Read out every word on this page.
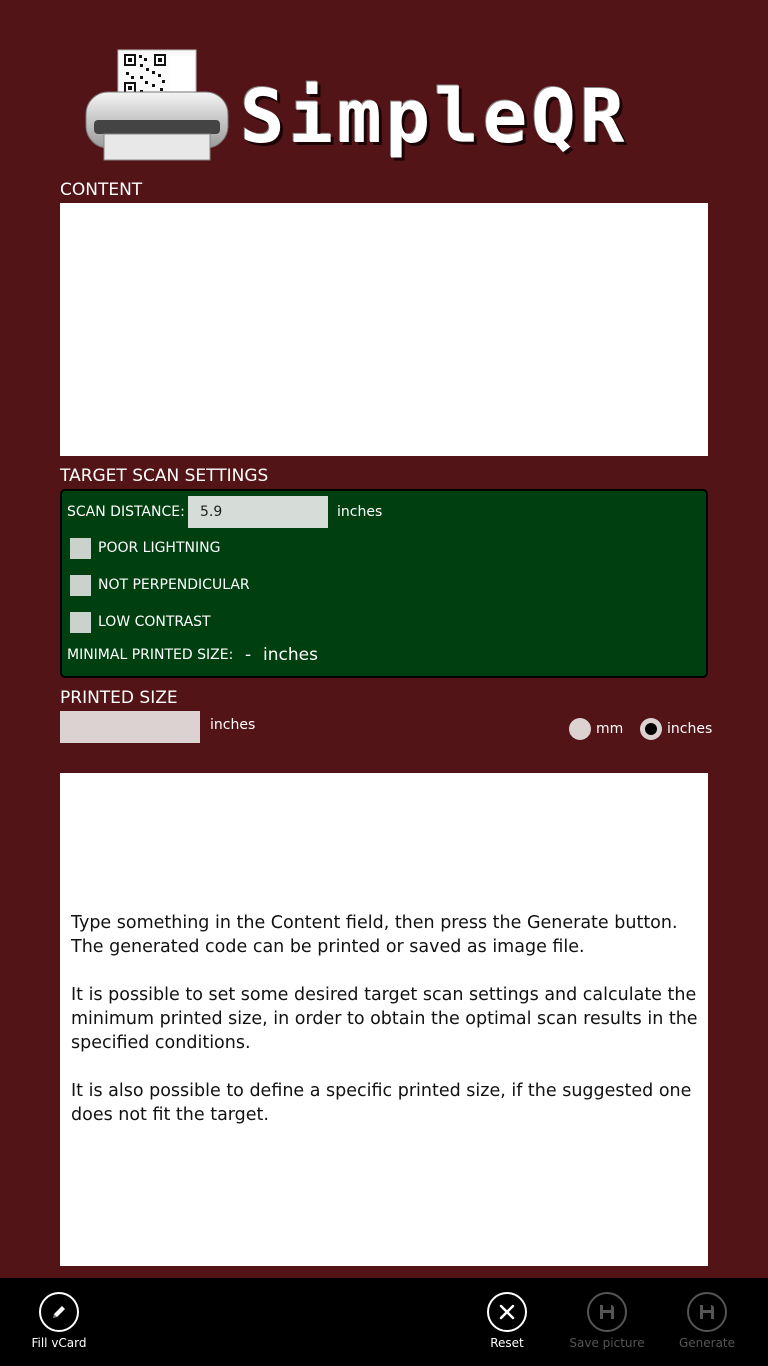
SimpleQR
CONTENT
TARGET SCAN SETTINGS
SCAN DISTANCE:
5.9	inches
POOR LIGHTNING
NOT PERPENDICULAR
LOW CONTRAST
MINIMAL PRINTED SIZE: - inches
PRINTED SIZE
inches	mm	inches

Type something in the Content field, then press the Generate button. The generated code can be printed or saved as image file.

It is possible to set some desired target scan settings and calculate the minimum printed size, in order to obtain the optimal scan results in the specified conditions.

It is also possible to define a specific printed size, if the suggested one does not fit the target.

Fill vCard	Reset	Save picture	Generate
